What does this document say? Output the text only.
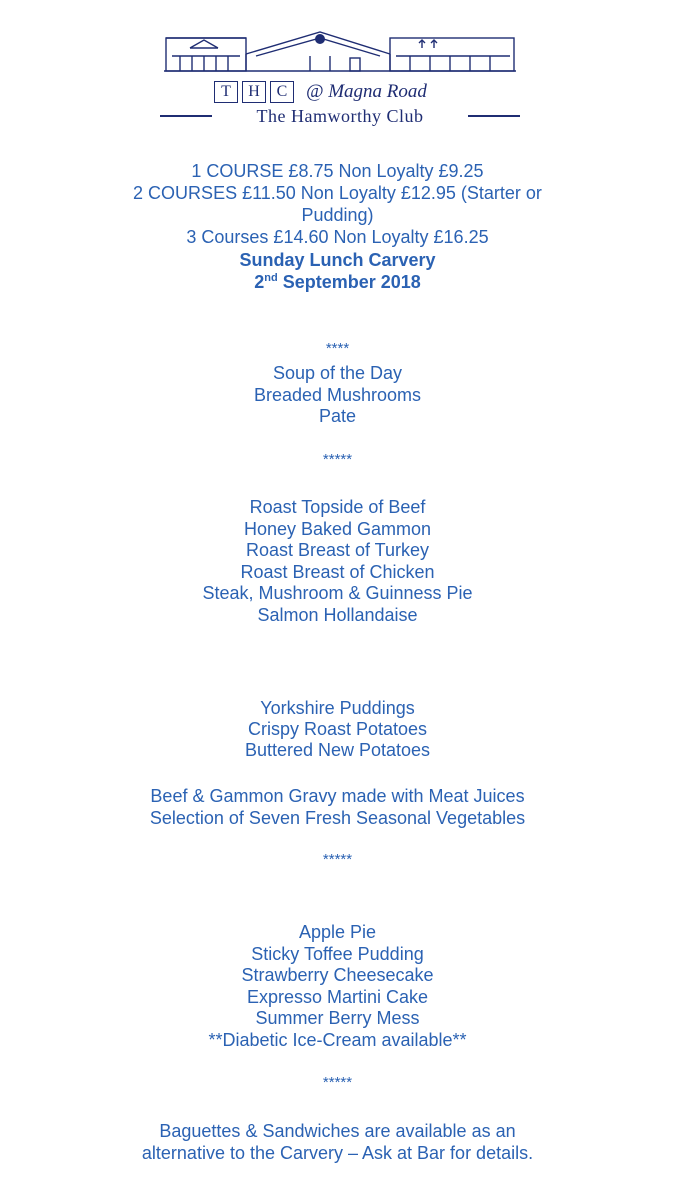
T	H	C @ Magna Road
The Hamworthy Club
1 COURSE £8.75 Non Loyalty £9.25
2 COURSES £11.50 Non Loyalty £12.95 (Starter or
Pudding)
3 Courses £14.60 Non Loyalty £16.25
Sunday Lunch Carvery
2nd September 2018
****
Soup of the Day
Breaded Mushrooms
Pate
*****
Roast Topside of Beef
Honey Baked Gammon
Roast Breast of Turkey
Roast Breast of Chicken
Steak, Mushroom & Guinness Pie
Salmon Hollandaise
Yorkshire Puddings
Crispy Roast Potatoes
Buttered New Potatoes
Beef & Gammon Gravy made with Meat Juices
Selection of Seven Fresh Seasonal Vegetables
*****
Apple Pie
Sticky Toffee Pudding
Strawberry Cheesecake
Expresso Martini Cake
Summer Berry Mess
**Diabetic Ice-Cream available**
*****
Baguettes & Sandwiches are available as an
alternative to the Carvery – Ask at Bar for details.
